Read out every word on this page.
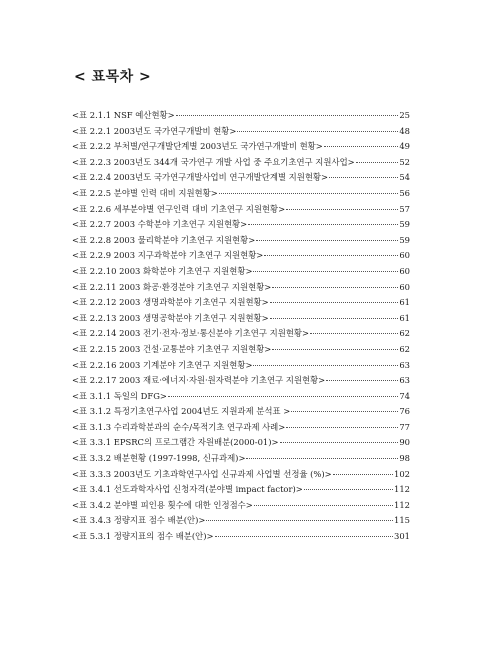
< 표목차 >
<표 2.1.1 NSF 예산현황>	25
<표 2.2.1 2003년도 국가연구개발비 현황>	48
<표 2.2.2 부처별/연구개발단계별 2003년도 국가연구개발비 현황>	49
<표 2.2.3 2003년도 344개 국가연구 개발 사업 중 주요기초연구 지원사업>	52
<표 2.2.4 2003년도 국가연구개발사업비 연구개발단계별 지원현황>	54
<표 2.2.5 분야별 인력 대비 지원현황>	56
<표 2.2.6 세부분야별 연구인력 대비 기초연구 지원현황>	57
<표 2.2.7 2003 수학분야 기초연구 지원현황>	59
<표 2.2.8 2003 물리학분야 기초연구 지원현황>	59
<표 2.2.9 2003 지구과학분야 기초연구 지원현황>	60
<표 2.2.10 2003 화학분야 기초연구 지원현황>	60
<표 2.2.11 2003 화공·환경분야 기초연구 지원현황>	60
<표 2.2.12 2003 생명과학분야 기초연구 지원현황>	61
<표 2.2.13 2003 생명공학분야 기초연구 지원현황>	61
<표 2.2.14 2003 전기·전자·정보·통신분야 기초연구 지원현황>	62
<표 2.2.15 2003 건설·교통분야 기초연구 지원현황>	62
<표 2.2.16 2003 기계분야 기초연구 지원현황>	63
<표 2.2.17 2003 재료·에너지·자원·원자력분야 기초연구 지원현황>	63
<표 3.1.1 독일의 DFG>	74
<표 3.1.2 특정기초연구사업 2004년도 지원과제 분석표 >	76
<표 3.1.3 수리과학분과의 순수/목적기초 연구과제 사례>	77
<표 3.3.1 EPSRC의 프로그램간 자원배분(2000-01)>	90
<표 3.3.2 배분현황 (1997-1998, 신규과제)>	98
<표 3.3.3 2003년도 기초과학연구사업 신규과제 사업별 선정율 (%)>	102
<표 3.4.1 선도과학자사업 신청자격(분야별 impact factor)>	112
<표 3.4.2 분야별 피인용 횟수에 대한 인정점수>	112
<표 3.4.3 정량지표 점수 배분(안)>	115
<표 5.3.1 정량지표의 점수 배분(안)>	301
